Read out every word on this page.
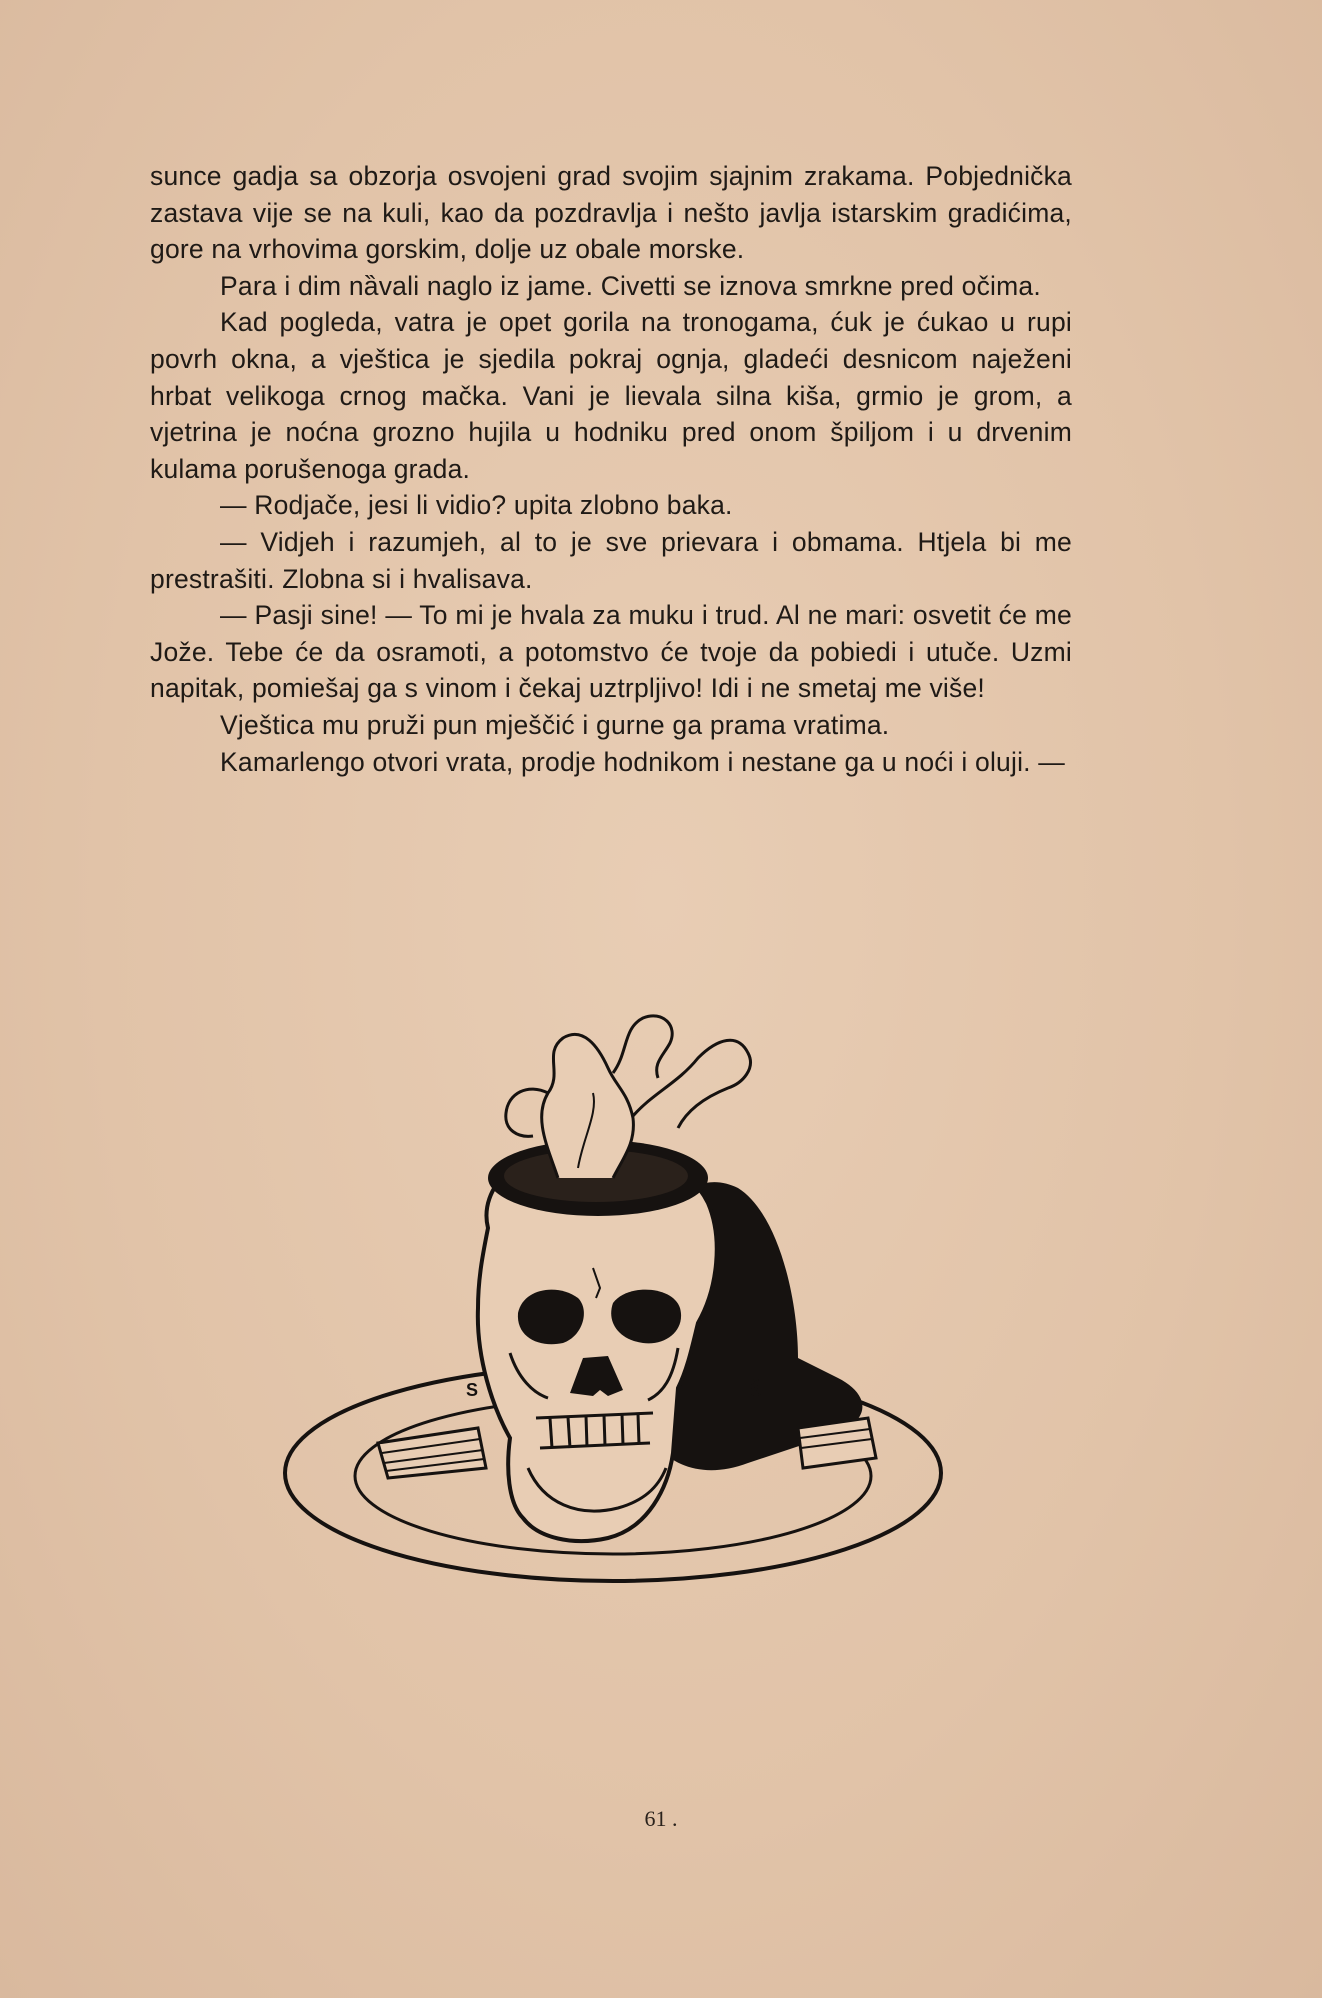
sunce gadja sa obzorja osvojeni grad svojim sjajnim zrakama. Pobjednička zastava vije se na kuli, kao da pozdravlja i nešto javlja istarskim gradićima, gore na vrhovima gorskim, dolje uz obale morske.

Para i dim nȁvali naglo iz jame. Civetti se iznova smrkne pred očima.

Kad pogleda, vatra je opet gorila na tronogama, ćuk je ćukao u rupi povrh okna, a vještica je sjedila pokraj ognja, gladeći desnicom naježeni hrbat velikoga crnog mačka. Vani je lievala silna kiša, grmio je grom, a vjetrina je noćna grozno hujila u hodniku pred onom špiljom i u drvenim kulama porušenoga grada.

— Rodjače, jesi li vidio? upita zlobno baka.

— Vidjeh i razumjeh, al to je sve prievara i obmama. Htjela bi me prestrašiti. Zlobna si i hvalisava.

— Pasji sine! — To mi je hvala za muku i trud. Al ne mari: osvetit će me Jože. Tebe će da osramoti, a potomstvo će tvoje da pobiedi i utuče. Uzmi napitak, pomiešaj ga s vinom i čekaj uztrpljivo! Idi i ne smetaj me više!

Vještica mu pruži pun mješčić i gurne ga prama vratima.

Kamarlengo otvori vrata, prodje hodnikom i nestane ga u noći i oluji. —

S	Š
61 .
